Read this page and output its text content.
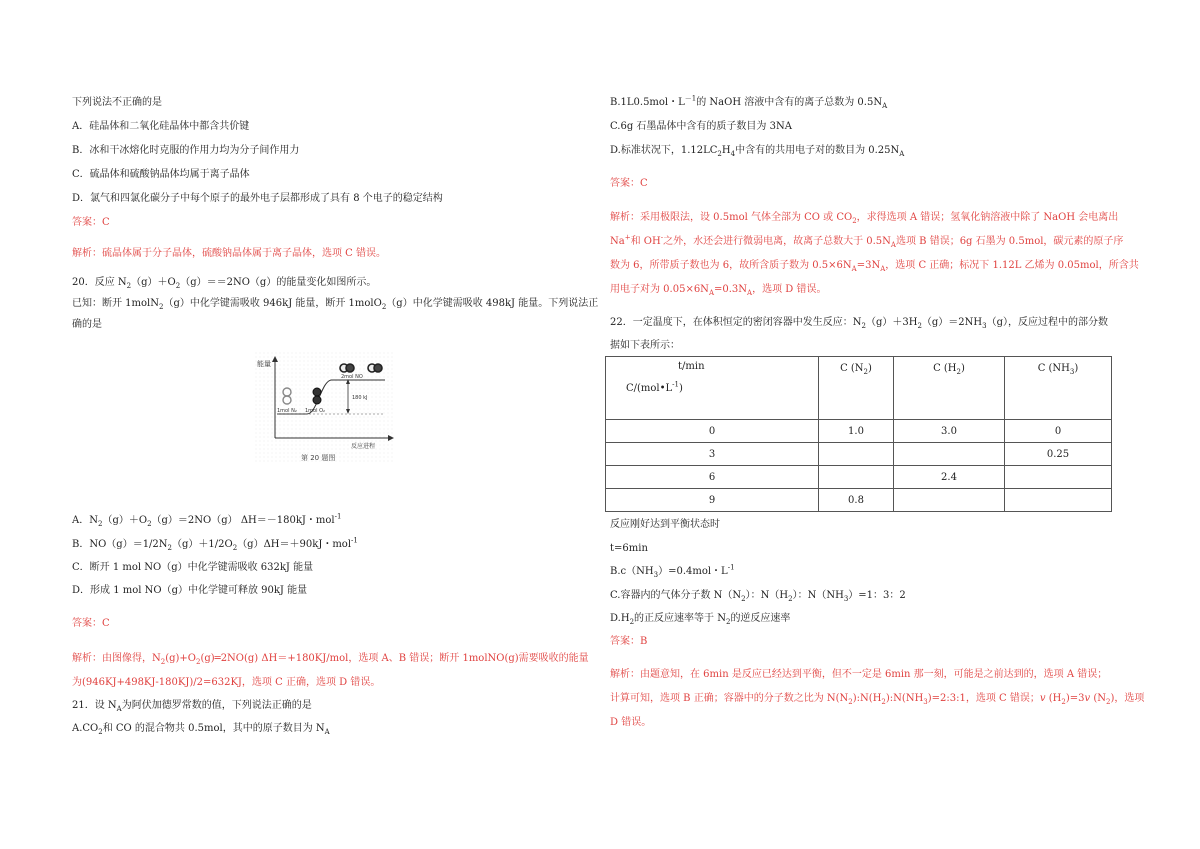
下列说法不正确的是
A．硅晶体和二氧化硅晶体中都含共价键
B．冰和干冰熔化时克服的作用力均为分子间作用力
C．硫晶体和硫酸钠晶体均属于离子晶体
D．氯气和四氯化碳分子中每个原子的最外电子层都形成了具有 8 个电子的稳定结构
答案：C
解析：硫晶体属于分子晶体，硫酸钠晶体属于离子晶体，选项 C 错误。
20．反应 $N_2(g)+O_2(g)==2NO(g)$的能量变化如图所示。
已知：断开 1molN$_2$（g）中化学键需吸收 946kJ 能量，断开 1molO$_2$（g）中化学键需吸收 498kJ 能量。下列说法正
确的是
能量
反应进程
2mol NO
1mol N₂ 1mol O₂
180 kJ
第 20 题图
A．$N_2(g)+O_2(g)=2NO(g)$ ΔH＝－180kJ・mol$^{-1}$
B．$NO(g)=1/2N_2(g)+1/2O_2(g)\Delta H=+90kJ$・mol$^{-1}$
C．断开 1 mol NO（g）中化学键需吸收 632kJ 能量
D．形成 1 mol NO（g）中化学键可释放 90kJ 能量
答案：C
解析：由图像得，$N_2(g)+O_2(g)═2NO(g)$ ΔH＝+180KJ/mol，选项 A、B 错误；断开 1molNO(g)需要吸收的能量
为(946KJ+498KJ-180KJ)/2=632KJ，选项 C 正确，选项 D 错误。
21．设 $N_A$为阿伏加德罗常数的值，下列说法正确的是
$A.CO_2$和 CO 的混合物共 0.5mol，其中的原子数目为 $N_A$
B.1L0.5mol・$L^{-1}$的 NaOH 溶液中含有的离子总数为 $0.5N_A$
C.6g 石墨晶体中含有的质子数目为 3NA
D.标准状况下，$1.12LC_2H_4$中含有的共用电子对的数目为 $0.25N_A$
答案：C
解析：采用极限法，设 0.5mol 气体全部为 CO 或 $CO_2$，求得选项 A 错误；氢氧化钠溶液中除了 NaOH 会电离出
Na+和 OH-之外，水还会进行微弱电离，故离子总数大于 $0.5N_A$选项 B 错误；6g 石墨为 0.5mol，碳元素的原子序
数为 6，所带质子数也为 6，故所含质子数为 $0.5\times 6N_A=3N_A$，选项 C 正确；标况下 1.12L 乙烯为 0.05mol，所含共
用电子对为 $0.05\times 6N_A=0.3N_A$，选项 D 错误。
22．一定温度下，在体积恒定的密闭容器中发生反应：$N_2(g)+3H_2(g)=2NH_3(g)$，反应过程中的部分数
据如下表所示：
t/min
$C/(mol•L^{-1})$	C $(N_2)$	C $(H_2)$	C $(NH_3)$
0	1.0	3.0	0
3			0.25
6		2.4	
9	0.8		
反应刚好达到平衡状态时
t=6min
$B.c(NH_3)=0.4mol$・$L^{-1}$
C.容器内的气体分子数 $N(N_2)$：$N(H_2)$：$N(NH_3)=1$：3：2
$D.H_2$的正反应速率等于 $N_2$的逆反应速率
答案：B
解析：由题意知，在 6min 是反应已经达到平衡，但不一定是 6min 那一刻，可能是之前达到的，选项 A 错误；
计算可知，选项 B 正确；容器中的分子数之比为 $N(N_2):N(H_2):N(NH_3)=2:3:1$，选项 C 错误；v $(H_2)=3v$ $(N_2)$，选项
D 错误。
